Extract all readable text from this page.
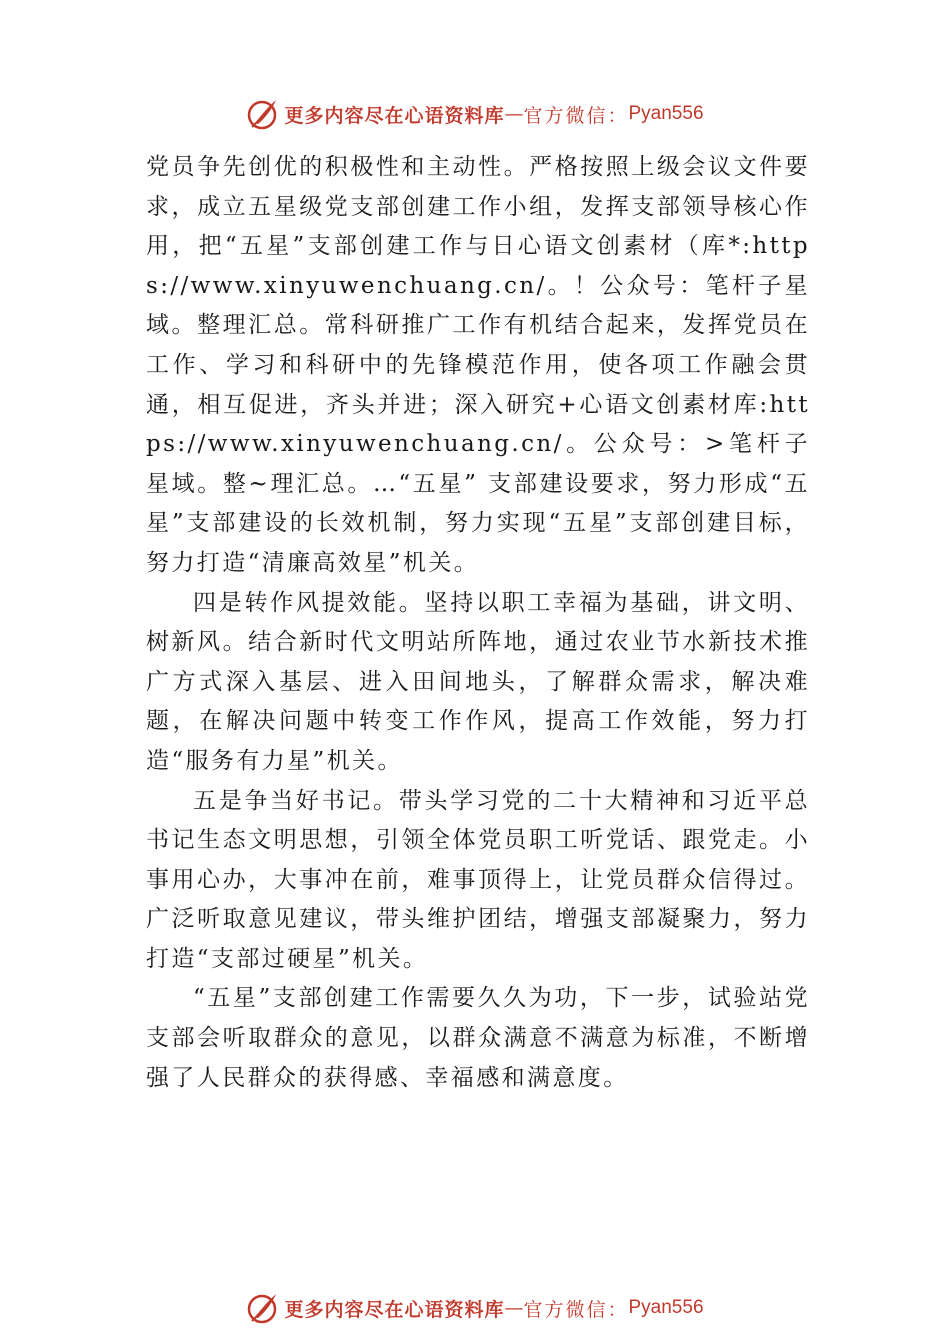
更多内容尽在心语资料库 — 官方微信： Pyan556

党员争先创优的积极性和主动性。严格按照上级会议文件要求，成立五星级党支部创建工作小组，发挥支部领导核心作用，把“五星”支部创建工作与日心语文创素材（库*:https://www.xinyuwenchuang.cn/。！公众号：笔杆子星域。整理汇总。常科研推广工作有机结合起来，发挥党员在工作、学习和科研中的先锋模范作用，使各项工作融会贯通，相互促进，齐头并进；深入研究+心语文创素材库:https://www.xinyuwenchuang.cn/。公众号：>笔杆子星域。整~理汇总。…“五星” 支部建设要求，努力形成“五星”支部建设的长效机制，努力实现“五星”支部创建目标，努力打造“清廉高效星”机关。

四是转作风提效能。坚持以职工幸福为基础，讲文明、树新风。结合新时代文明站所阵地，通过农业节水新技术推广方式深入基层、进入田间地头，了解群众需求，解决难题，在解决问题中转变工作作风，提高工作效能，努力打造“服务有力星”机关。

五是争当好书记。带头学习党的二十大精神和习近平总书记生态文明思想，引领全体党员职工听党话、跟党走。小事用心办，大事冲在前，难事顶得上，让党员群众信得过。 广泛听取意见建议，带头维护团结，增强支部凝聚力，努力打造“支部过硬星”机关。

“五星”支部创建工作需要久久为功，下一步，试验站党支部会听取群众的意见，以群众满意不满意为标准，不断增强了人民群众的获得感、幸福感和满意度。

更多内容尽在心语资料库 — 官方微信： Pyan556
